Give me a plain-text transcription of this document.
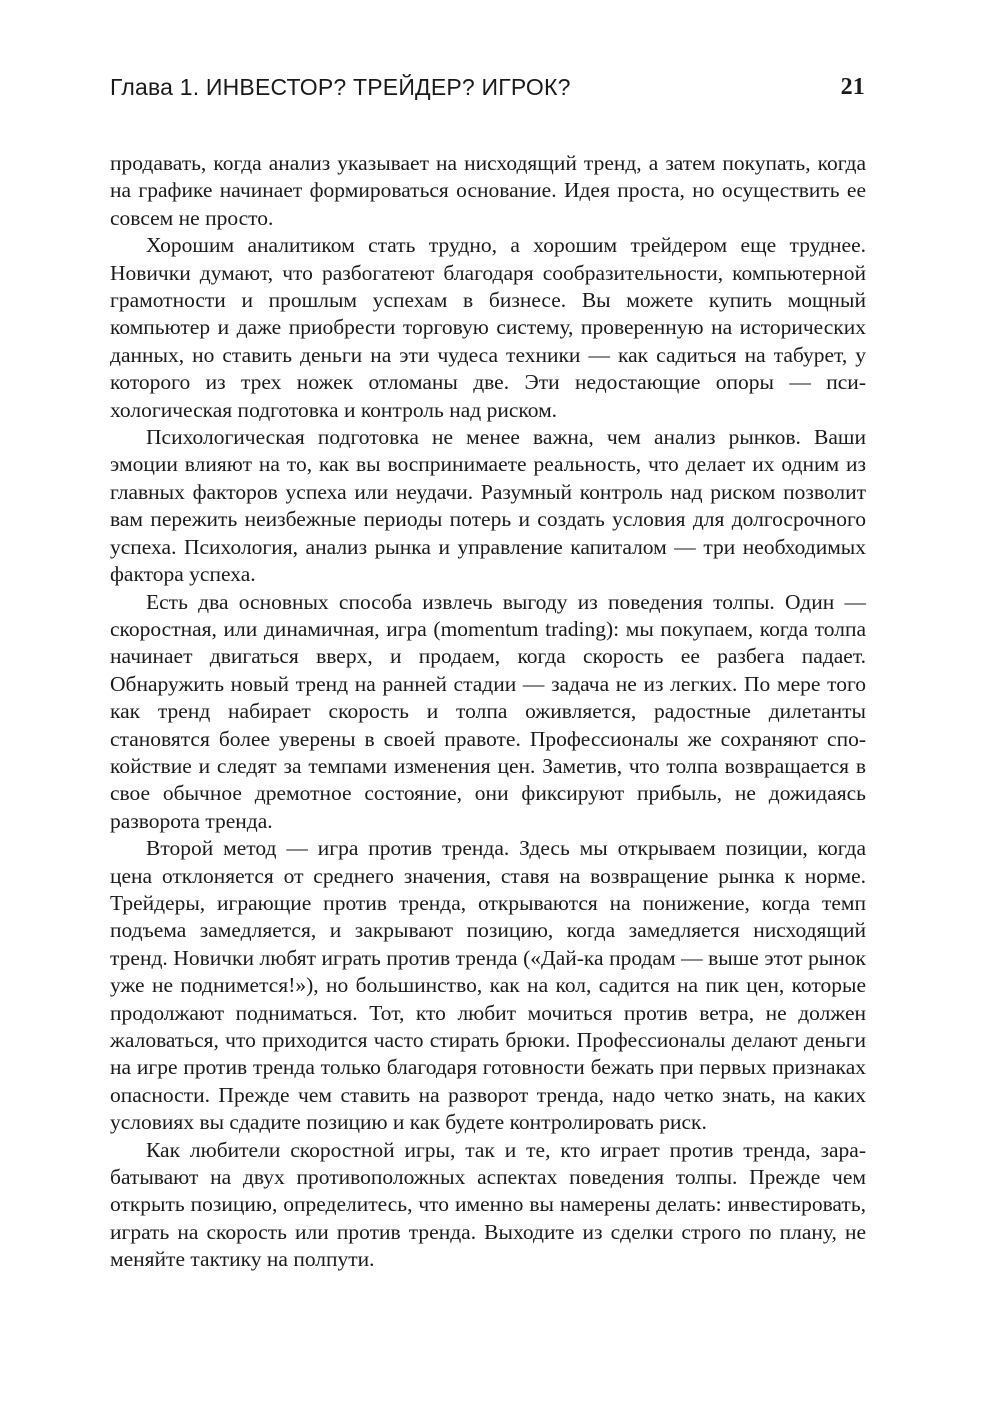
Глава 1. ИНВЕСТОР? ТРЕЙДЕР? ИГРОК?	21

продавать, когда анализ указывает на нисходящий тренд, а затем покупать, когда на графике начинает формироваться основание. Идея проста, но осуществить ее совсем не просто.

Хорошим аналитиком стать трудно, а хорошим трейдером еще труднее. Новички думают, что разбогатеют благодаря сообразительности, компьютерной грамотности и прошлым успехам в бизнесе. Вы можете купить мощный компьютер и даже приобрести торговую систему, проверенную на исторических данных, но ставить деньги на эти чудеса техники — как садиться на табурет, у которого из трех ножек отломаны две. Эти недостающие опоры — психологическая подготовка и контроль над риском.

Психологическая подготовка не менее важна, чем анализ рынков. Ваши эмоции влияют на то, как вы воспринимаете реальность, что делает их одним из главных факторов успеха или неудачи. Разумный контроль над риском позволит вам пережить неизбежные периоды потерь и создать условия для долгосрочного успеха. Психология, анализ рынка и управление капиталом — три необходимых фактора успеха.

Есть два основных способа извлечь выгоду из поведения толпы. Один — скоростная, или динамичная, игра (momentum trading): мы покупаем, когда толпа начинает двигаться вверх, и продаем, когда скорость ее разбега падает. Обнаружить новый тренд на ранней стадии — задача не из легких. По мере того как тренд набирает скорость и толпа оживляется, радостные дилетанты становятся более уверены в своей правоте. Профессионалы же сохраняют спокойствие и следят за темпами изменения цен. Заметив, что толпа возвращается в свое обычное дремотное состояние, они фиксируют прибыль, не дожидаясь разворота тренда.

Второй метод — игра против тренда. Здесь мы открываем позиции, когда цена отклоняется от среднего значения, ставя на возвращение рынка к норме. Трейдеры, играющие против тренда, открываются на понижение, когда темп подъема замедляется, и закрывают позицию, когда замедляется нисходящий тренд. Новички любят играть против тренда («Дай-ка продам — выше этот рынок уже не поднимется!»), но большинство, как на кол, садится на пик цен, которые продолжают подниматься. Тот, кто любит мочиться против ветра, не должен жаловаться, что приходится часто стирать брюки. Профессионалы делают деньги на игре против тренда только благодаря готовности бежать при первых признаках опасности. Прежде чем ставить на разворот тренда, надо четко знать, на каких условиях вы сдадите позицию и как будете контролировать риск.

Как любители скоростной игры, так и те, кто играет против тренда, зарабатывают на двух противоположных аспектах поведения толпы. Прежде чем открыть позицию, определитесь, что именно вы намерены делать: инвестировать, играть на скорость или против тренда. Выходите из сделки строго по плану, не меняйте тактику на полпути.
